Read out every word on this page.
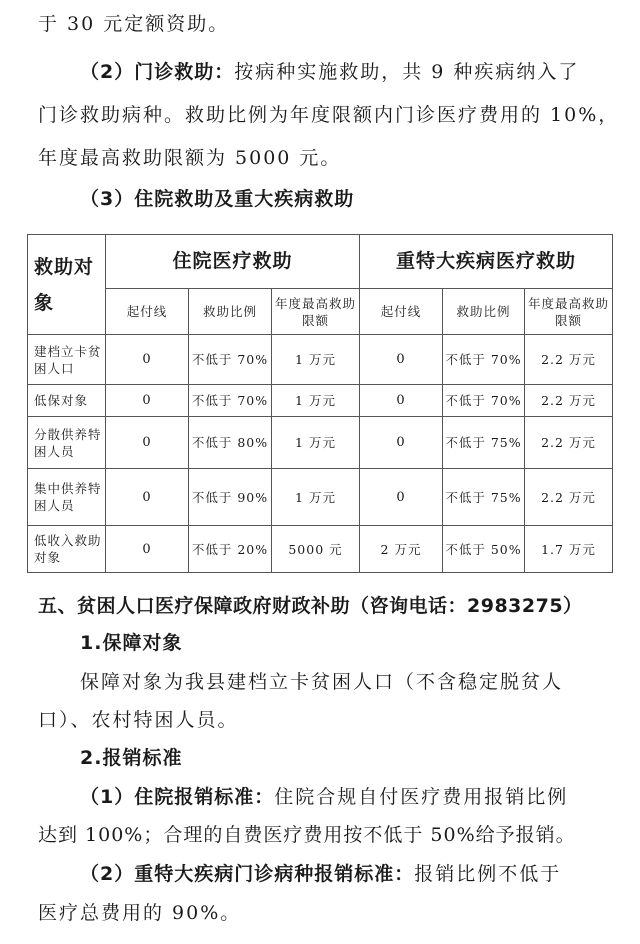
于 30 元定额资助。
（2）门诊救助：按病种实施救助，共 9 种疾病纳入了
门诊救助病种。救助比例为年度限额内门诊医疗费用的 10%，
年度最高救助限额为 5000 元。
（3）住院救助及重大疾病救助
救助对象	住院医疗救助			重特大疾病医疗救助		
	起付线	救助比例	年度最高救助限额	起付线	救助比例	年度最高救助限额
建档立卡贫困人口	0	不低于 70%	1 万元	0	不低于 70%	2.2 万元
低保对象	0	不低于 70%	1 万元	0	不低于 70%	2.2 万元
分散供养特困人员	0	不低于 80%	1 万元	0	不低于 75%	2.2 万元
集中供养特困人员	0	不低于 90%	1 万元	0	不低于 75%	2.2 万元
低收入救助对象	0	不低于 20%	5000 元	2 万元	不低于 50%	1.7 万元
五、贫困人口医疗保障政府财政补助（咨询电话：2983275）
1.保障对象
保障对象为我县建档立卡贫困人口（不含稳定脱贫人
口）、农村特困人员。
2.报销标准
（1）住院报销标准：住院合规自付医疗费用报销比例
达到 100%；合理的自费医疗费用按不低于 50%给予报销。
（2）重特大疾病门诊病种报销标准：报销比例不低于
医疗总费用的 90%。
